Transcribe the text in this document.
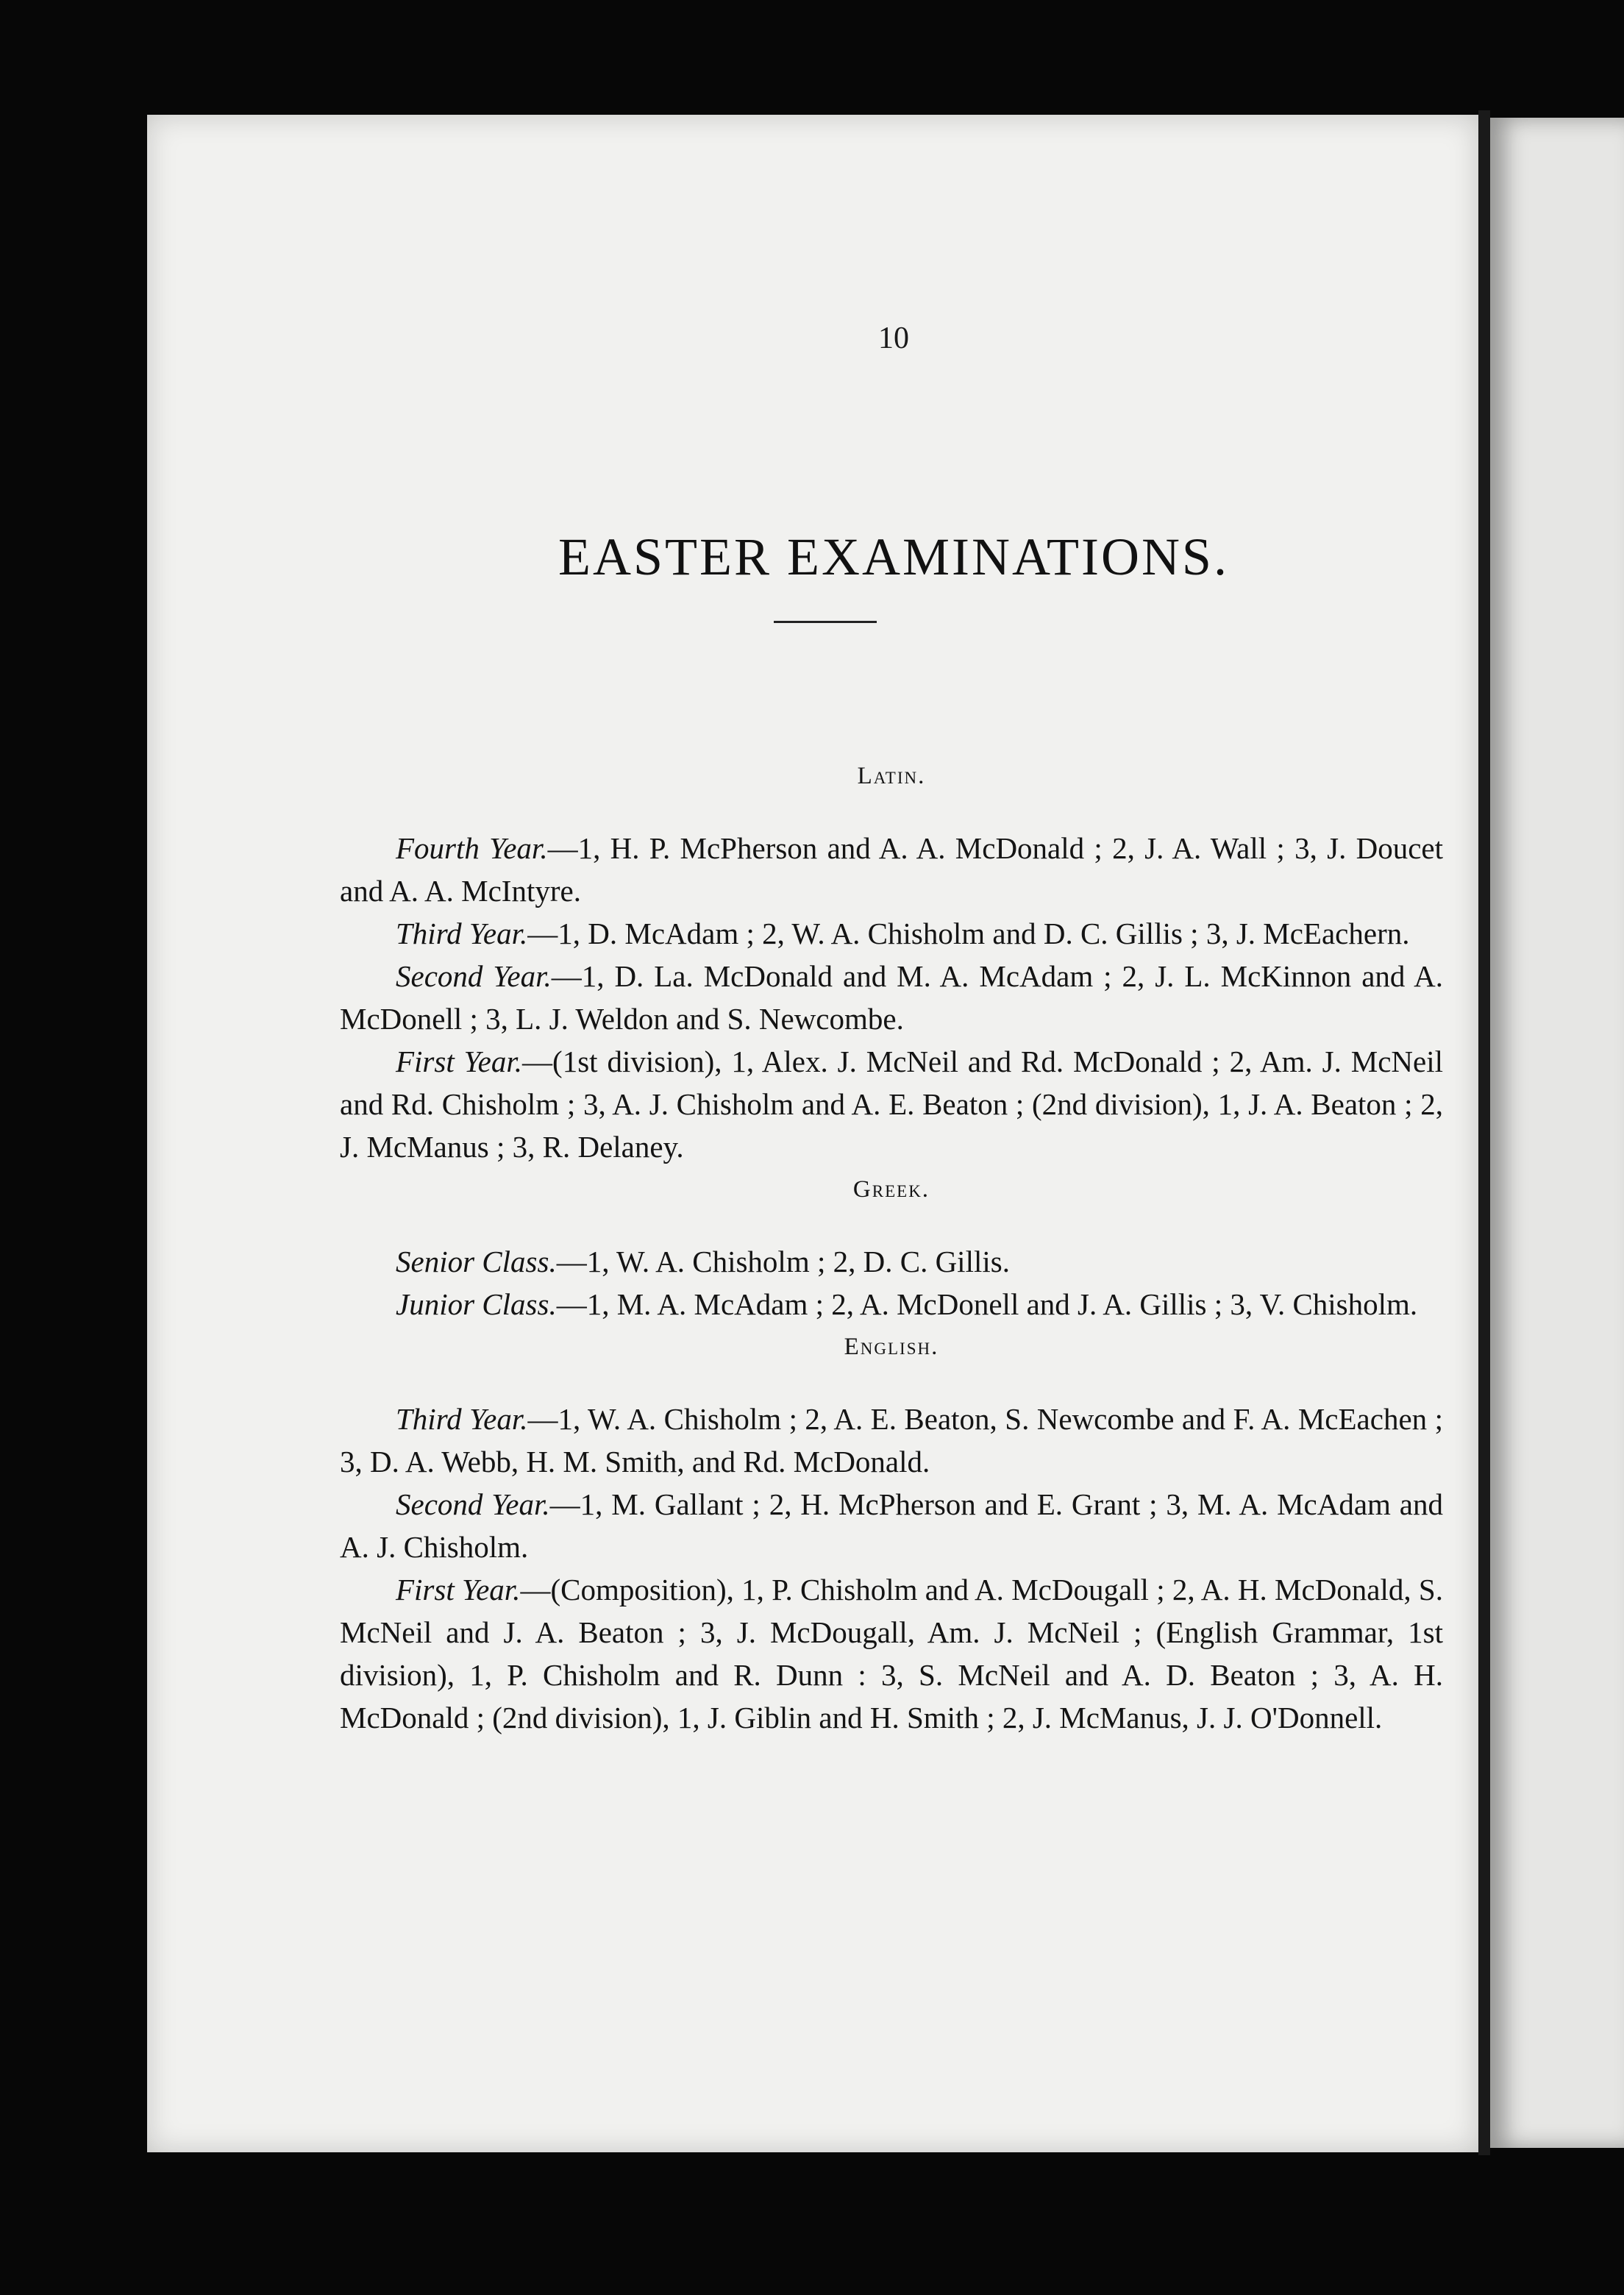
10
EASTER EXAMINATIONS.
Latin.

Fourth Year.—1, H. P. McPherson and A. A. McDonald ; 2, J. A. Wall ; 3, J. Doucet and A. A. McIntyre.

Third Year.—1, D. McAdam ; 2, W. A. Chisholm and D. C. Gillis ; 3, J. McEachern.

Second Year.—1, D. La. McDonald and M. A. McAdam ; 2, J. L. McKinnon and A. McDonell ; 3, L. J. Weldon and S. Newcombe.

First Year.—(1st division), 1, Alex. J. McNeil and Rd. McDonald ; 2, Am. J. McNeil and Rd. Chisholm ; 3, A. J. Chisholm and A. E. Beaton ; (2nd division), 1, J. A. Beaton ; 2, J. McManus ; 3, R. Delaney.

Greek.

Senior Class.—1, W. A. Chisholm ; 2, D. C. Gillis.

Junior Class.—1, M. A. McAdam ; 2, A. McDonell and J. A. Gillis ; 3, V. Chisholm.

English.

Third Year.—1, W. A. Chisholm ; 2, A. E. Beaton, S. Newcombe and F. A. McEachen ; 3, D. A. Webb, H. M. Smith, and Rd. McDonald.

Second Year.—1, M. Gallant ; 2, H. McPherson and E. Grant ; 3, M. A. McAdam and A. J. Chisholm.

First Year.—(Composition), 1, P. Chisholm and A. McDougall ; 2, A. H. McDonald, S. McNeil and J. A. Beaton ; 3, J. McDougall, Am. J. McNeil ; (English Grammar, 1st division), 1, P. Chisholm and R. Dunn : 3, S. McNeil and A. D. Beaton ; 3, A. H. McDonald ; (2nd division), 1, J. Giblin and H. Smith ; 2, J. McManus, J. J. O'Donnell.
